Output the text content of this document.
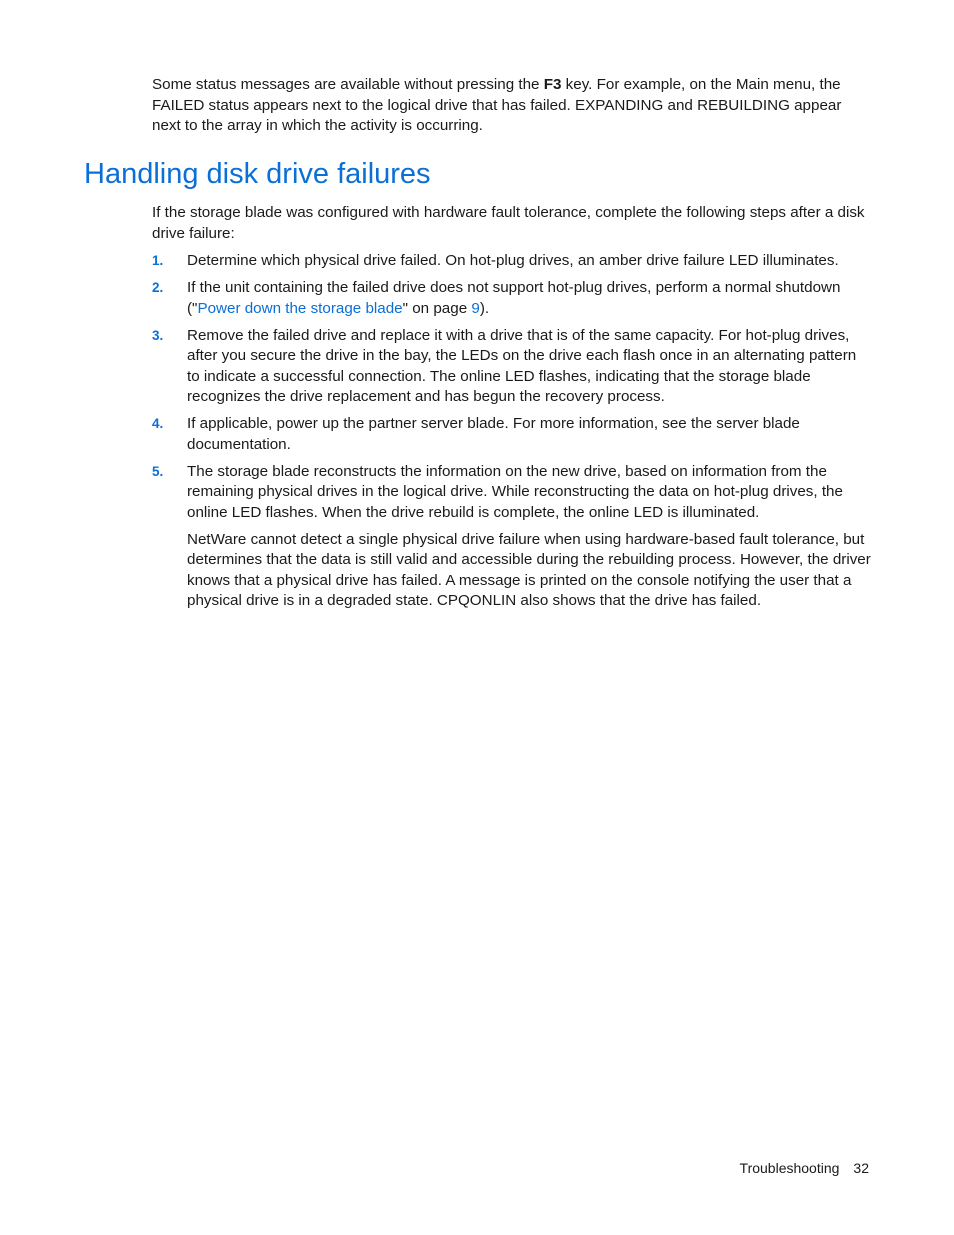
Some status messages are available without pressing the F3 key. For example, on the Main menu, the FAILED status appears next to the logical drive that has failed. EXPANDING and REBUILDING appear next to the array in which the activity is occurring.

Handling disk drive failures

If the storage blade was configured with hardware fault tolerance, complete the following steps after a disk drive failure:

1. Determine which physical drive failed. On hot-plug drives, an amber drive failure LED illuminates.
2. If the unit containing the failed drive does not support hot-plug drives, perform a normal shutdown ("Power down the storage blade" on page 9).
3. Remove the failed drive and replace it with a drive that is of the same capacity. For hot-plug drives, after you secure the drive in the bay, the LEDs on the drive each flash once in an alternating pattern to indicate a successful connection. The online LED flashes, indicating that the storage blade recognizes the drive replacement and has begun the recovery process.
4. If applicable, power up the partner server blade. For more information, see the server blade documentation.
5. The storage blade reconstructs the information on the new drive, based on information from the remaining physical drives in the logical drive. While reconstructing the data on hot-plug drives, the online LED flashes. When the drive rebuild is complete, the online LED is illuminated.
NetWare cannot detect a single physical drive failure when using hardware-based fault tolerance, but determines that the data is still valid and accessible during the rebuilding process. However, the driver knows that a physical drive has failed. A message is printed on the console notifying the user that a physical drive is in a degraded state. CPQONLIN also shows that the drive has failed.
Troubleshooting 32
